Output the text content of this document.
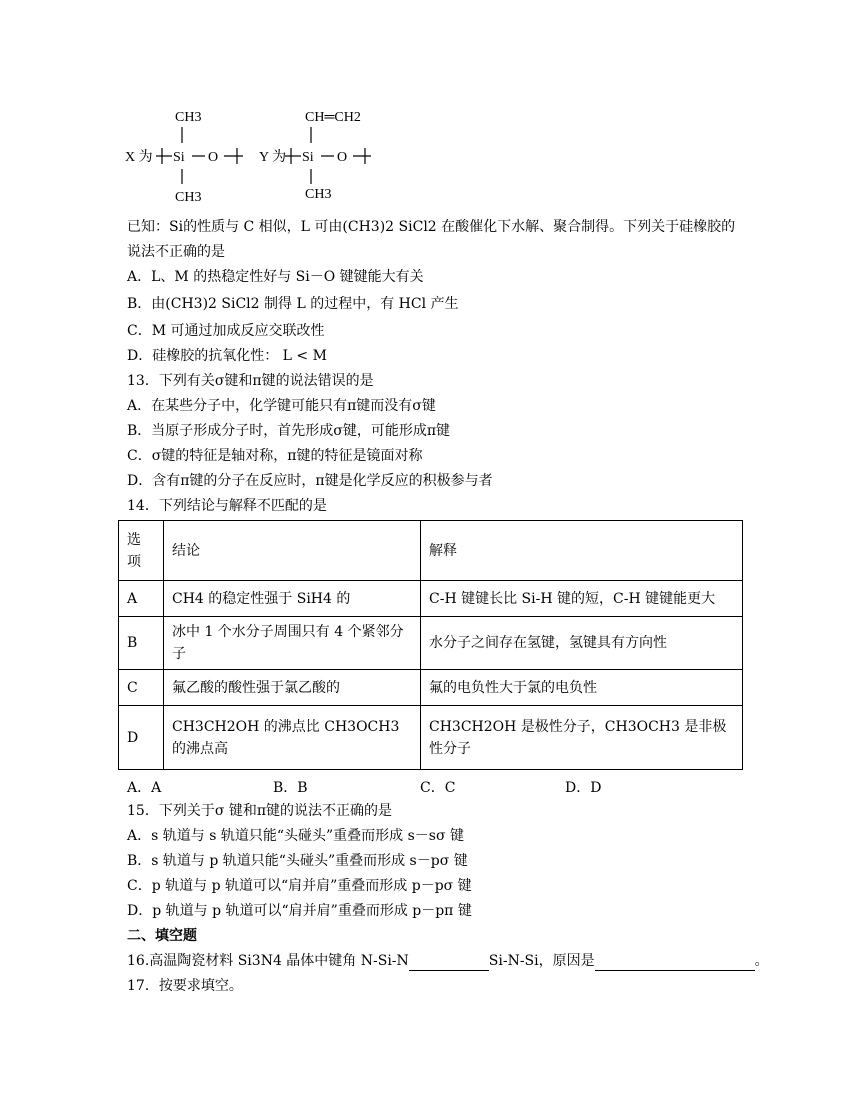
X 为 Si O
CH3
CH3
Y 为 Si O
CH═CH2
CH3
已知：Si的性质与 C 相似，L 可由(CH3)2 SiCl2 在酸催化下水解、聚合制得。下列关于硅橡胶的
说法不正确的是
A．L、M 的热稳定性好与 Si－O 键键能大有关
B．由(CH3)2 SiCl2 制得 L 的过程中，有 HCl 产生
C．M 可通过加成反应交联改性
D．硅橡胶的抗氧化性： L < M
13．下列有关σ键和π键的说法错误的是
A．在某些分子中，化学键可能只有π键而没有σ键
B．当原子形成分子时，首先形成σ键，可能形成π键
C．σ键的特征是轴对称，π键的特征是镜面对称
D．含有π键的分子在反应时，π键是化学反应的积极参与者
14．下列结论与解释不匹配的是
选
项	结论	解释
A	CH4 的稳定性强于 SiH4 的	C-H 键键长比 Si-H 键的短，C-H 键键能更大
B	冰中 1 个水分子周围只有 4 个紧邻分子	水分子之间存在氢键，氢键具有方向性
C	氟乙酸的酸性强于氯乙酸的	氟的电负性大于氯的电负性
D	CH3CH2OH 的沸点比 CH3OCH3 的沸点高	CH3CH2OH 是极性分子，CH3OCH3 是非极性分子
A．A	B．B	C．C	D．D
15．下列关于σ 键和π键的说法不正确的是
A．s 轨道与 s 轨道只能“头碰头”重叠而形成 s－sσ 键
B．s 轨道与 p 轨道只能“头碰头”重叠而形成 s－pσ 键
C．p 轨道与 p 轨道可以“肩并肩”重叠而形成 p－pσ 键
D．p 轨道与 p 轨道可以“肩并肩”重叠而形成 p－pπ 键
二、填空题
16.高温陶瓷材料 Si3N4 晶体中键角 N-Si-N	Si-N-Si，原因是	。
17．按要求填空。
